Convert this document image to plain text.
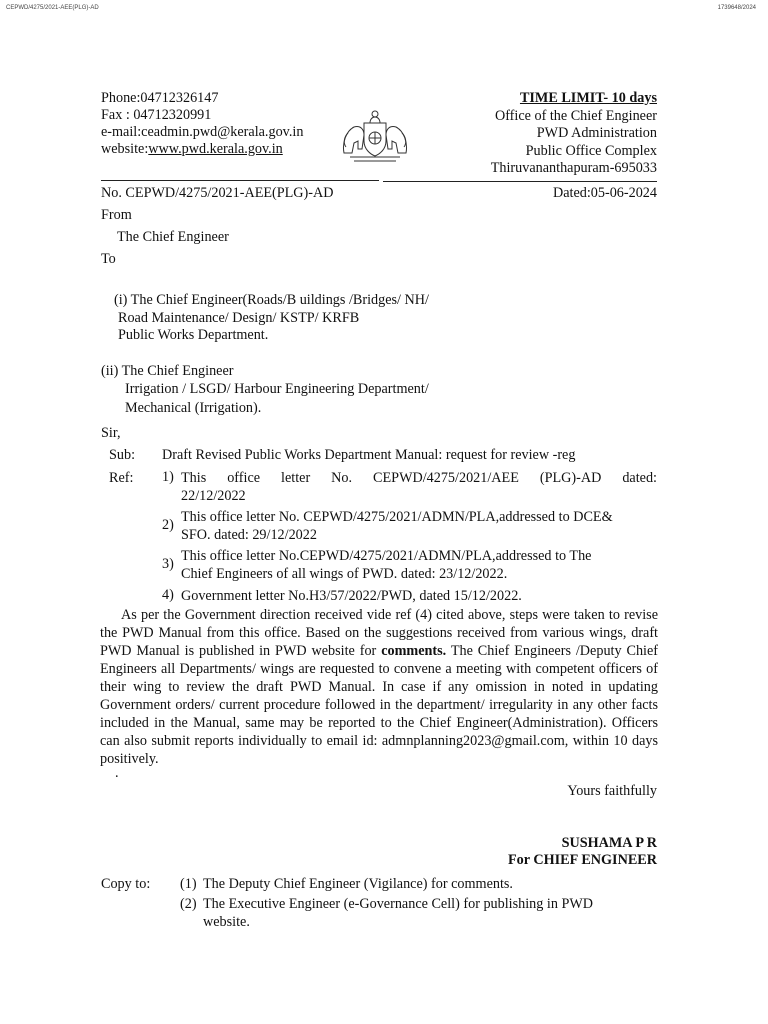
CEPWD/4275/2021-AEE(PLG)-AD	1739648/2024
Phone:04712326147
Fax : 04712320991
e-mail:ceadmin.pwd@kerala.gov.in
website:www.pwd.kerala.gov.in
TIME LIMIT- 10 days
Office of the Chief Engineer
PWD Administration
Public Office Complex
Thiruvananthapuram-695033
No. CEPWD/4275/2021-AEE(PLG)-AD	Dated:05-06-2024
From
The Chief Engineer
To
(i) The Chief Engineer(Roads/B uildings /Bridges/ NH/
Road Maintenance/ Design/ KSTP/ KRFB
Public Works Department.
(ii) The Chief Engineer
Irrigation / LSGD/ Harbour Engineering Department/
Mechanical (Irrigation).
Sir,
Sub: Draft Revised Public Works Department Manual: request for review -reg
Ref: 1) This office letter No. CEPWD/4275/2021/AEE (PLG)-AD dated:
22/12/2022
2) This office letter No. CEPWD/4275/2021/ADMN/PLA,addressed to DCE&
SFO. dated: 29/12/2022
3) This office letter No.CEPWD/4275/2021/ADMN/PLA,addressed to The
Chief Engineers of all wings of PWD. dated: 23/12/2022.
4) Government letter No.H3/57/2022/PWD, dated 15/12/2022.
As per the Government direction received vide ref (4) cited above, steps were taken to revise the PWD Manual from this office. Based on the suggestions received from various wings, draft PWD Manual is published in PWD website for comments. The Chief Engineers /Deputy Chief Engineers all Departments/ wings are requested to convene a meeting with competent officers of their wing to review the draft PWD Manual. In case if any omission in noted in updating Government orders/ current procedure followed in the department/ irregularity in any other facts included in the Manual, same may be reported to the Chief Engineer(Administration). Officers can also submit reports individually to email id: admnplanning2023@gmail.com, within 10 days positively.
.
Yours faithfully
SUSHAMA P R
For CHIEF ENGINEER
Copy to: (1) The Deputy Chief Engineer (Vigilance) for comments.
(2) The Executive Engineer (e-Governance Cell) for publishing in PWD
website.
